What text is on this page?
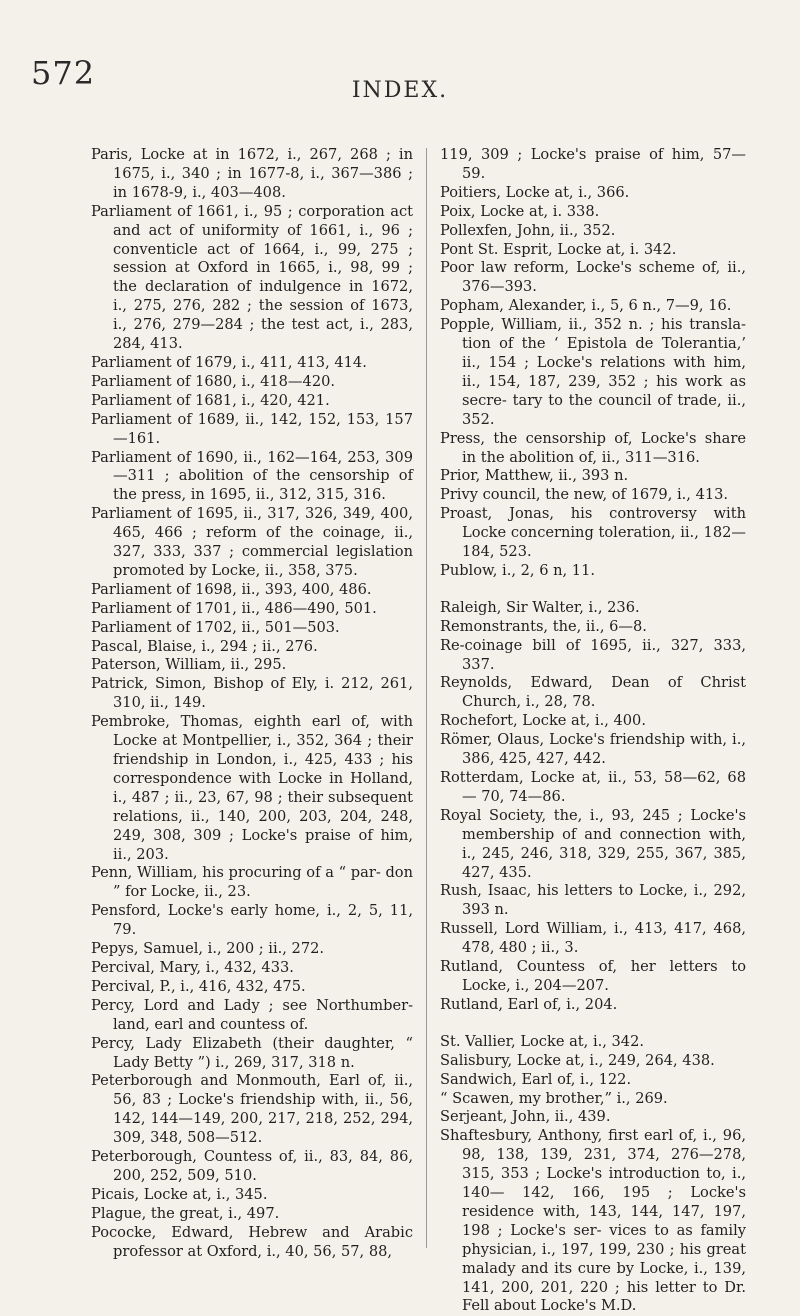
572	INDEX.

Paris, Locke at in 1672, i., 267, 268 ; in 1675, i., 340 ; in 1677-8, i., 367—386 ; in 1678-9, i., 403—408.

Parliament of 1661, i., 95 ; corporation act and act of uniformity of 1661, i., 96 ; conventicle act of 1664, i., 99, 275 ; session at Oxford in 1665, i., 98, 99 ; the declaration of indulgence in 1672, i., 275, 276, 282 ; the session of 1673, i., 276, 279—284 ; the test act, i., 283, 284, 413.

Parliament of 1679, i., 411, 413, 414.

Parliament of 1680, i., 418—420.

Parliament of 1681, i., 420, 421.

Parliament of 1689, ii., 142, 152, 153, 157 —161.

Parliament of 1690, ii., 162—164, 253, 309—311 ; abolition of the censorship of the press, in 1695, ii., 312, 315, 316.

Parliament of 1695, ii., 317, 326, 349, 400, 465, 466 ; reform of the coinage, ii., 327, 333, 337 ; commercial legislation promoted by Locke, ii., 358, 375.

Parliament of 1698, ii., 393, 400, 486.

Parliament of 1701, ii., 486—490, 501.

Parliament of 1702, ii., 501—503.

Pascal, Blaise, i., 294 ; ii., 276.

Paterson, William, ii., 295.

Patrick, Simon, Bishop of Ely, i. 212, 261, 310, ii., 149.

Pembroke, Thomas, eighth earl of, with Locke at Montpellier, i., 352, 364 ; their friendship in London, i., 425, 433 ; his correspondence with Locke in Holland, i., 487 ; ii., 23, 67, 98 ; their subsequent relations, ii., 140, 200, 203, 204, 248, 249, 308, 309 ; Locke's praise of him, ii., 203.

Penn, William, his procuring of a “ par- don ” for Locke, ii., 23.

Pensford, Locke's early home, i., 2, 5, 11, 79.

Pepys, Samuel, i., 200 ; ii., 272.

Percival, Mary, i., 432, 433.

Percival, P., i., 416, 432, 475.

Percy, Lord and Lady ; see Northumber- land, earl and countess of.

Percy, Lady Elizabeth (their daughter, “ Lady Betty ”) i., 269, 317, 318 n.

Peterborough and Monmouth, Earl of, ii., 56, 83 ; Locke's friendship with, ii., 56, 142, 144—149, 200, 217, 218, 252, 294, 309, 348, 508—512.

Peterborough, Countess of, ii., 83, 84, 86, 200, 252, 509, 510.

Picais, Locke at, i., 345.

Plague, the great, i., 497.

Pococke, Edward, Hebrew and Arabic professor at Oxford, i., 40, 56, 57, 88,

119, 309 ; Locke's praise of him, 57— 59.

Poitiers, Locke at, i., 366.

Poix, Locke at, i. 338.

Pollexfen, John, ii., 352.

Pont St. Esprit, Locke at, i. 342.

Poor law reform, Locke's scheme of, ii., 376—393.

Popham, Alexander, i., 5, 6 n., 7—9, 16.

Popple, William, ii., 352 n. ; his transla- tion of the ‘ Epistola de Tolerantia,’ ii., 154 ; Locke's relations with him, ii., 154, 187, 239, 352 ; his work as secre- tary to the council of trade, ii., 352.

Press, the censorship of, Locke's share in the abolition of, ii., 311—316.

Prior, Matthew, ii., 393 n.

Privy council, the new, of 1679, i., 413.

Proast, Jonas, his controversy with Locke concerning toleration, ii., 182—184, 523.

Publow, i., 2, 6 n, 11.

Raleigh, Sir Walter, i., 236.

Remonstrants, the, ii., 6—8.

Re-coinage bill of 1695, ii., 327, 333, 337.

Reynolds, Edward, Dean of Christ Church, i., 28, 78.

Rochefort, Locke at, i., 400.

Römer, Olaus, Locke's friendship with, i., 386, 425, 427, 442.

Rotterdam, Locke at, ii., 53, 58—62, 68— 70, 74—86.

Royal Society, the, i., 93, 245 ; Locke's membership of and connection with, i., 245, 246, 318, 329, 255, 367, 385, 427, 435.

Rush, Isaac, his letters to Locke, i., 292, 393 n.

Russell, Lord William, i., 413, 417, 468, 478, 480 ; ii., 3.

Rutland, Countess of, her letters to Locke, i., 204—207.

Rutland, Earl of, i., 204.

St. Vallier, Locke at, i., 342.

Salisbury, Locke at, i., 249, 264, 438.

Sandwich, Earl of, i., 122.

“ Scawen, my brother,” i., 269.

Serjeant, John, ii., 439.

Shaftesbury, Anthony, first earl of, i., 96, 98, 138, 139, 231, 374, 276—278, 315, 353 ; Locke's introduction to, i., 140— 142, 166, 195 ; Locke's residence with, 143, 144, 147, 197, 198 ; Locke's ser- vices to as family physician, i., 197, 199, 230 ; his great malady and its cure by Locke, i., 139, 141, 200, 201, 220 ; his letter to Dr. Fell about Locke's M.D.
